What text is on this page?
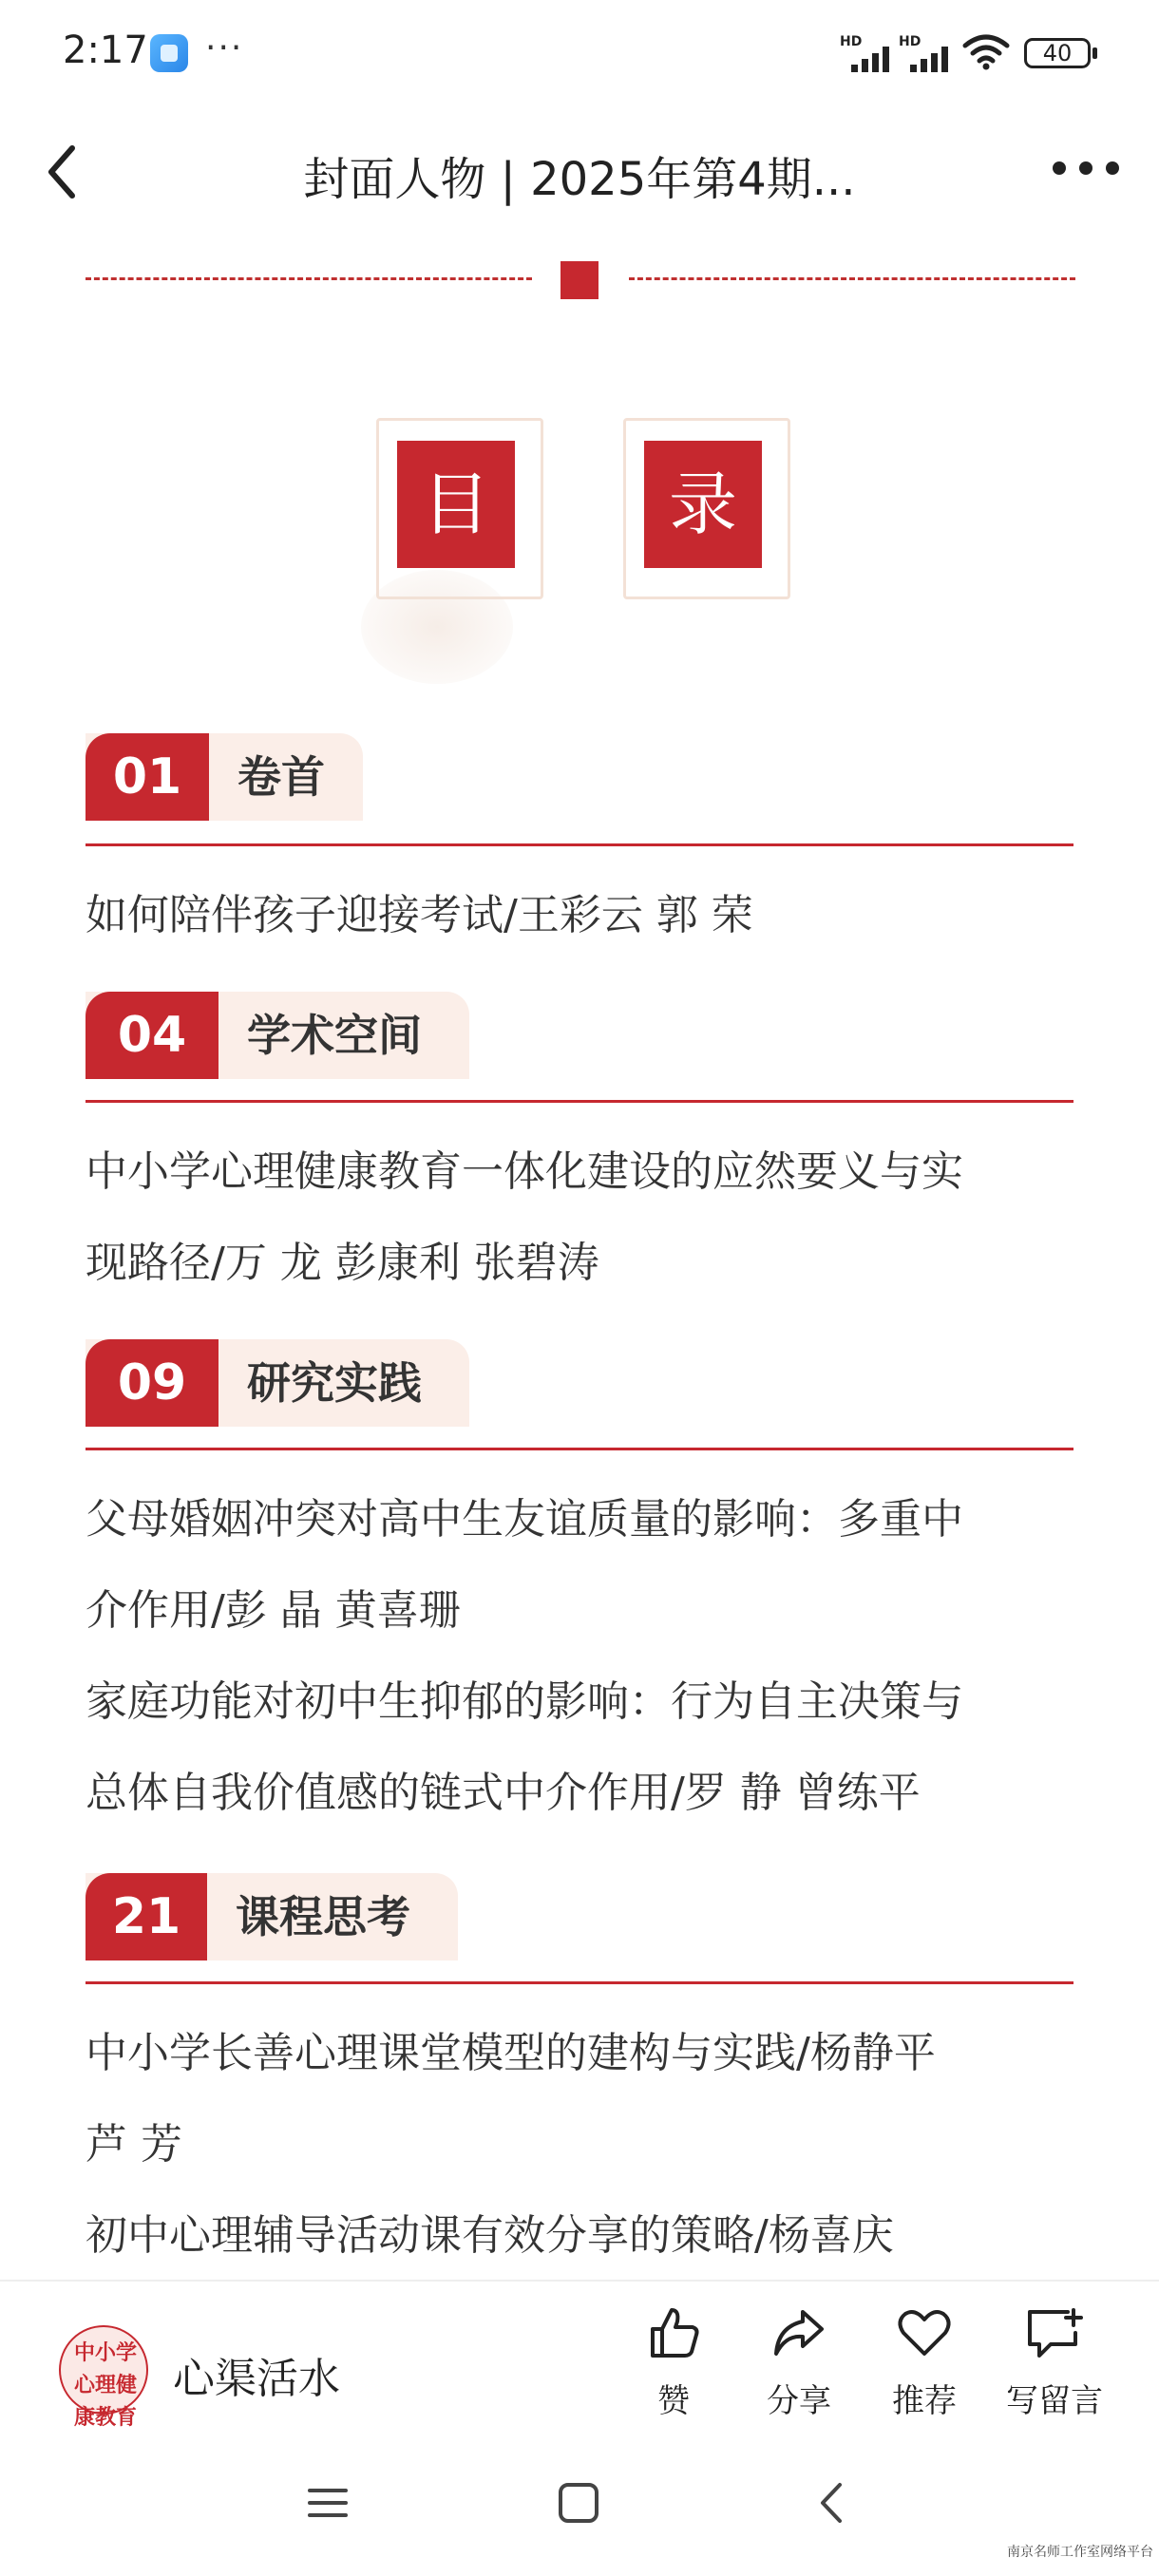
2:17 ···	HD	HD	40
封面人物 | 2025年第4期...
目	录
01	卷首
如何陪伴孩子迎接考试/王彩云 郭 荣
04	学术空间
中小学心理健康教育一体化建设的应然要义与实
现路径/万 龙 彭康利 张碧涛
09	研究实践
父母婚姻冲突对高中生友谊质量的影响：多重中
介作用/彭 晶 黄喜珊
家庭功能对初中生抑郁的影响：行为自主决策与
总体自我价值感的链式中介作用/罗 静 曾练平
21	课程思考
中小学长善心理课堂模型的建构与实践/杨静平
芦 芳
初中心理辅导活动课有效分享的策略/杨喜庆
中小学心理健康教育
心渠活水	赞	分享	推荐	写留言
南京名师工作室网络平台
